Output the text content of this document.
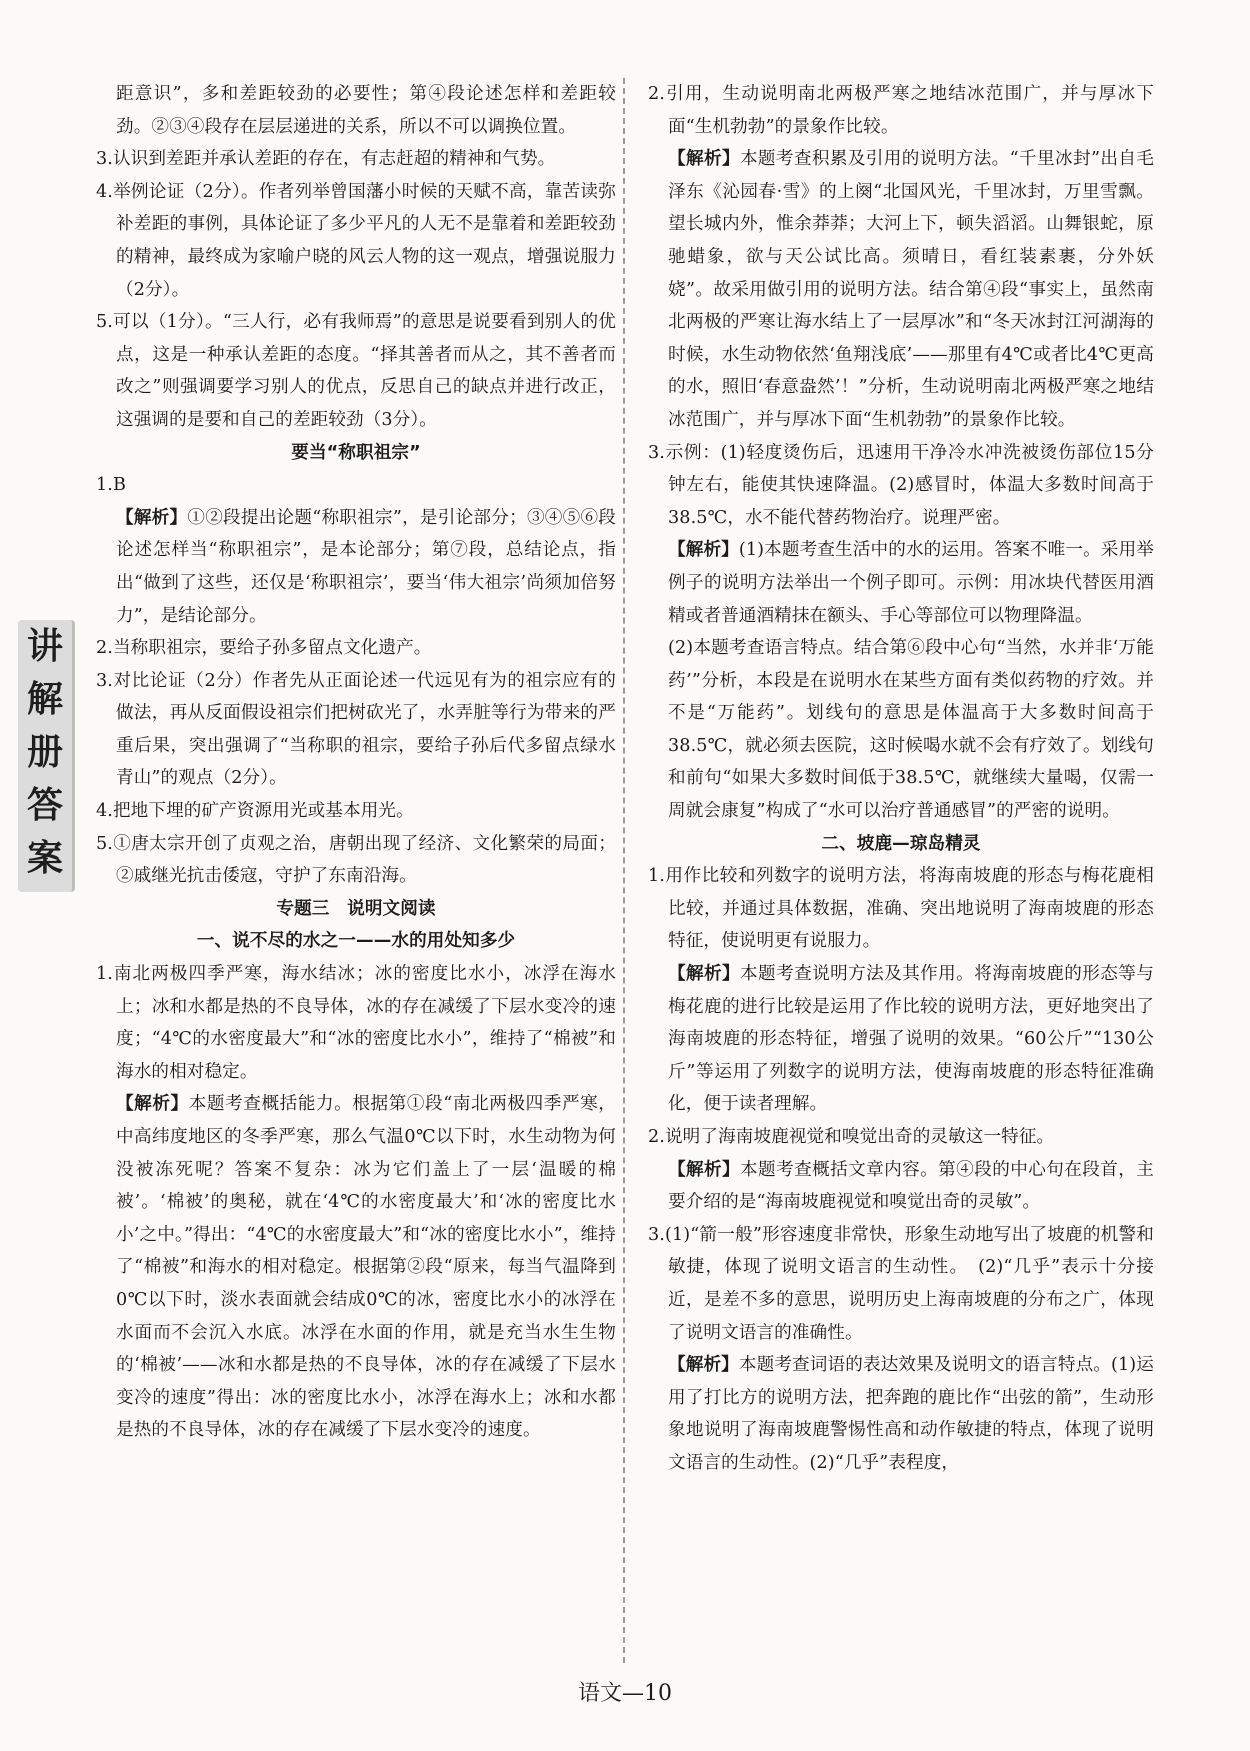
讲
解
册
答
案

距意识”，多和差距较劲的必要性；第④段论述怎样和差距较劲。②③④段存在层层递进的关系，所以不可以调换位置。

3.认识到差距并承认差距的存在，有志赶超的精神和气势。

4.举例论证（2分）。作者列举曾国藩小时候的天赋不高，靠苦读弥补差距的事例，具体论证了多少平凡的人无不是靠着和差距较劲的精神，最终成为家喻户晓的风云人物的这一观点，增强说服力（2分）。

5.可以（1分）。“三人行，必有我师焉”的意思是说要看到别人的优点，这是一种承认差距的态度。“择其善者而从之，其不善者而改之”则强调要学习别人的优点，反思自己的缺点并进行改正，这强调的是要和自己的差距较劲（3分）。

要当“称职祖宗”

1.B

【解析】①②段提出论题“称职祖宗”，是引论部分；③④⑤⑥段论述怎样当“称职祖宗”，是本论部分；第⑦段，总结论点，指出“做到了这些，还仅是‘称职祖宗’，要当‘伟大祖宗’尚须加倍努力”，是结论部分。

2.当称职祖宗，要给子孙多留点文化遗产。

3.对比论证（2分）作者先从正面论述一代远见有为的祖宗应有的做法，再从反面假设祖宗们把树砍光了，水弄脏等行为带来的严重后果，突出强调了“当称职的祖宗，要给子孙后代多留点绿水青山”的观点（2分）。

4.把地下埋的矿产资源用光或基本用光。

5.①唐太宗开创了贞观之治，唐朝出现了经济、文化繁荣的局面；②戚继光抗击倭寇，守护了东南沿海。

专题三　说明文阅读

一、说不尽的水之一——水的用处知多少

1.南北两极四季严寒，海水结冰；冰的密度比水小，冰浮在海水上；冰和水都是热的不良导体，冰的存在减缓了下层水变冷的速度；“4℃的水密度最大”和“冰的密度比水小”，维持了“棉被”和海水的相对稳定。

【解析】本题考查概括能力。根据第①段“南北两极四季严寒，中高纬度地区的冬季严寒，那么气温0℃以下时，水生动物为何没被冻死呢？答案不复杂：冰为它们盖上了一层‘温暖的棉被’。‘棉被’的奥秘，就在‘4℃的水密度最大’和‘冰的密度比水小’之中。”得出：“4℃的水密度最大”和“冰的密度比水小”，维持了“棉被”和海水的相对稳定。根据第②段“原来，每当气温降到0℃以下时，淡水表面就会结成0℃的冰，密度比水小的冰浮在水面而不会沉入水底。冰浮在水面的作用，就是充当水生生物的‘棉被’——冰和水都是热的不良导体，冰的存在减缓了下层水变冷的速度”得出：冰的密度比水小，冰浮在海水上；冰和水都是热的不良导体，冰的存在减缓了下层水变冷的速度。

2.引用，生动说明南北两极严寒之地结冰范围广，并与厚冰下面“生机勃勃”的景象作比较。

【解析】本题考查积累及引用的说明方法。“千里冰封”出自毛泽东《沁园春·雪》的上阕“北国风光，千里冰封，万里雪飘。望长城内外，惟余莽莽；大河上下，顿失滔滔。山舞银蛇，原驰蜡象，欲与天公试比高。须晴日，看红装素裹，分外妖娆”。故采用做引用的说明方法。结合第④段“事实上，虽然南北两极的严寒让海水结上了一层厚冰”和“冬天冰封江河湖海的时候，水生动物依然‘鱼翔浅底’——那里有4℃或者比4℃更高的水，照旧‘春意盎然’！”分析，生动说明南北两极严寒之地结冰范围广，并与厚冰下面“生机勃勃”的景象作比较。

3.示例：(1)轻度烫伤后，迅速用干净冷水冲洗被烫伤部位15分钟左右，能使其快速降温。(2)感冒时，体温大多数时间高于38.5℃，水不能代替药物治疗。说理严密。

【解析】(1)本题考查生活中的水的运用。答案不唯一。采用举例子的说明方法举出一个例子即可。示例：用冰块代替医用酒精或者普通酒精抹在额头、手心等部位可以物理降温。

(2)本题考查语言特点。结合第⑥段中心句“当然，水并非‘万能药’”分析，本段是在说明水在某些方面有类似药物的疗效。并不是“万能药”。划线句的意思是体温高于大多数时间高于38.5℃，就必须去医院，这时候喝水就不会有疗效了。划线句和前句“如果大多数时间低于38.5℃，就继续大量喝，仅需一周就会康复”构成了“水可以治疗普通感冒”的严密的说明。

二、坡鹿—琼岛精灵

1.用作比较和列数字的说明方法，将海南坡鹿的形态与梅花鹿相比较，并通过具体数据，准确、突出地说明了海南坡鹿的形态特征，使说明更有说服力。

【解析】本题考查说明方法及其作用。将海南坡鹿的形态等与梅花鹿的进行比较是运用了作比较的说明方法，更好地突出了海南坡鹿的形态特征，增强了说明的效果。“60公斤”“130公斤”等运用了列数字的说明方法，使海南坡鹿的形态特征准确化，便于读者理解。

2.说明了海南坡鹿视觉和嗅觉出奇的灵敏这一特征。

【解析】本题考查概括文章内容。第④段的中心句在段首，主要介绍的是“海南坡鹿视觉和嗅觉出奇的灵敏”。

3.(1)“箭一般”形容速度非常快，形象生动地写出了坡鹿的机警和敏捷，体现了说明文语言的生动性。　(2)“几乎”表示十分接近，是差不多的意思，说明历史上海南坡鹿的分布之广，体现了说明文语言的准确性。

【解析】本题考查词语的表达效果及说明文的语言特点。(1)运用了打比方的说明方法，把奔跑的鹿比作“出弦的箭”，生动形象地说明了海南坡鹿警惕性高和动作敏捷的特点，体现了说明文语言的生动性。(2)“几乎”表程度，

语文—10
